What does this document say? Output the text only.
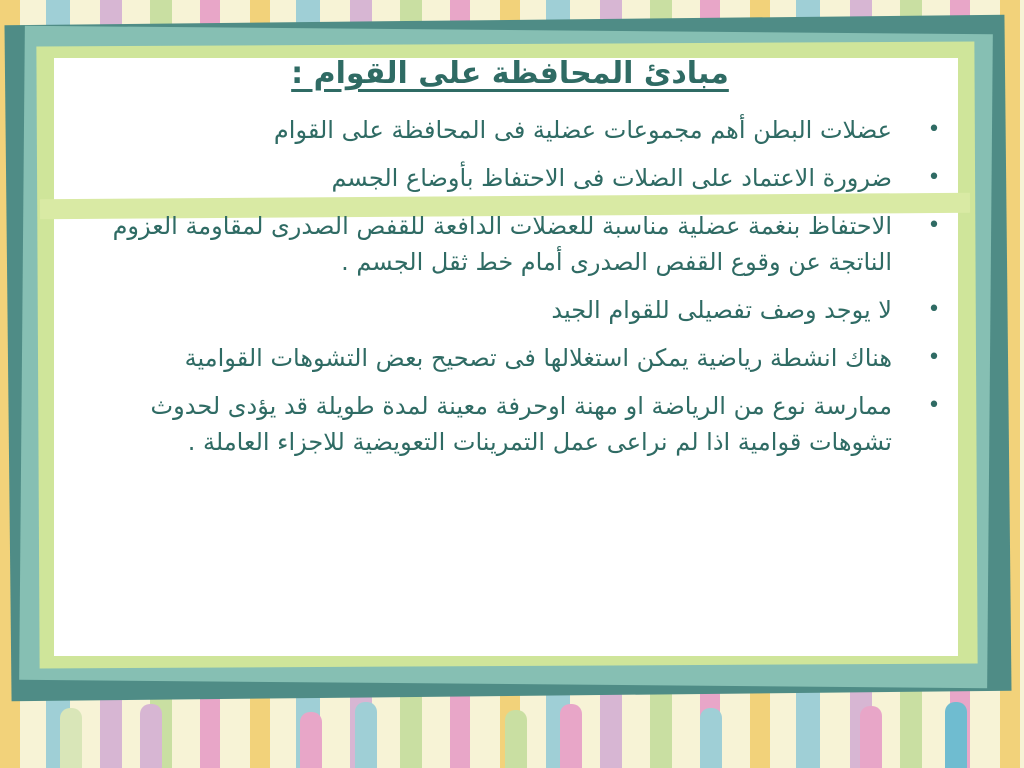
مبادئ المحافظة على القوام :
•
عضلات البطن أهم مجموعات عضلية فى المحافظة على القوام
•
ضرورة الاعتماد على الضلات فى الاحتفاظ بأوضاع الجسم
•
الاحتفاظ بنغمة عضلية مناسبة للعضلات الدافعة للقفص الصدرى لمقاومة العزوم الناتجة عن وقوع القفص الصدرى أمام خط ثقل الجسم .
•
لا يوجد وصف تفصيلى للقوام الجيد
•
هناك انشطة رياضية يمكن استغلالها فى تصحيح بعض التشوهات القوامية
•
ممارسة نوع من الرياضة او مهنة اوحرفة معينة لمدة طويلة قد يؤدى لحدوث تشوهات قوامية اذا لم نراعى عمل التمرينات التعويضية للاجزاء العاملة .
